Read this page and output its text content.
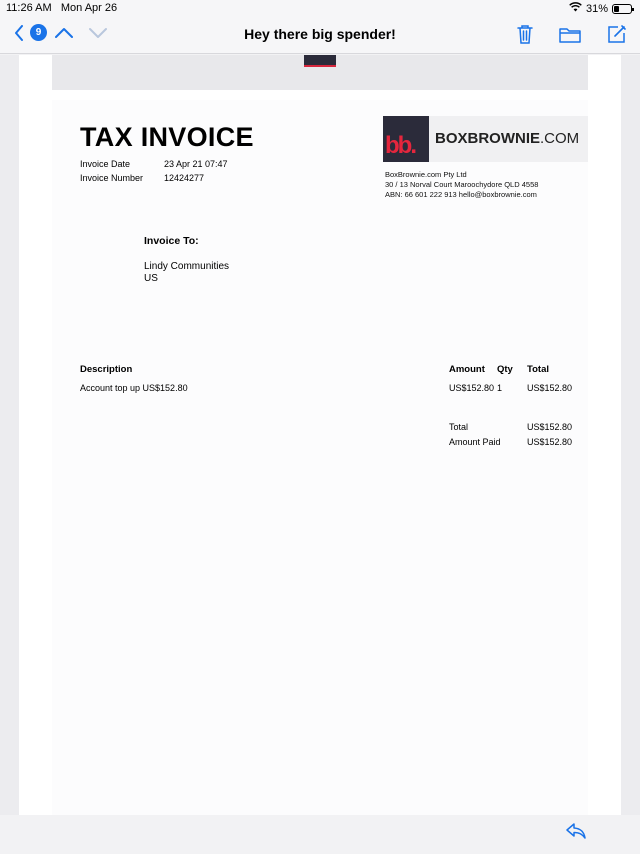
11:26 AM Mon Apr 26	31%
9	Hey there big spender!
TAX INVOICE
Invoice Date	23 Apr 21 07:47
Invoice Number	12424277
bb. BOXBROWNIE.COM
BoxBrownie.com Pty Ltd
30 / 13 Norval Court Maroochydore QLD 4558
ABN: 66 601 222 913 hello@boxbrownie.com
Invoice To:
Lindy Communities
US
Description	Amount Qty Total
Account top up US$152.80	US$152.80 1	US$152.80
Total	US$152.80
Amount Paid	US$152.80
